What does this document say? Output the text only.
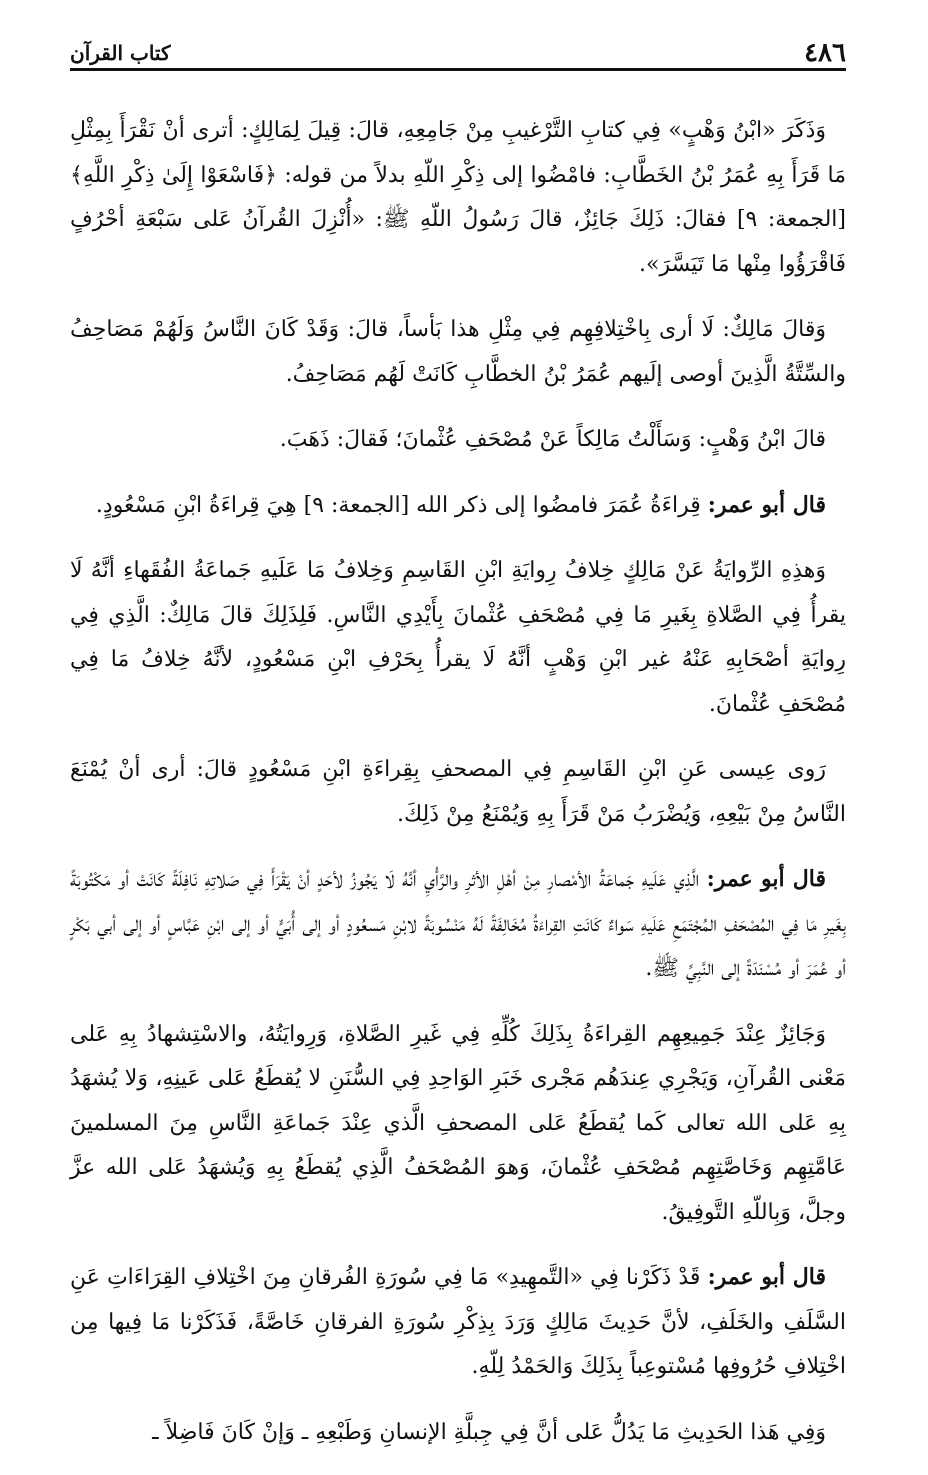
٤٨٦
كتاب القرآن

وَذَكَرَ «ابْنُ وَهْبٍ» فِي كتابِ التَّرْغيبِ مِنْ جَامِعِهِ، قالَ: قِيلَ لِمَالِكٍ: أترى أنْ نَقْرَأَ بِمِثْلِ مَا قَرَأَ بِهِ عُمَرُ بْنُ الخَطَّابِ: فامْضُوا إلى ذِكْرِ اللّهِ بدلاً من قوله: ﴿فَاسْعَوْا إِلَىٰ ذِكْرِ اللَّهِ﴾ [الجمعة: ٩] فقالَ: ذَلِكَ جَائِزٌ، قالَ رَسُولُ اللّهِ ﷺ: «أُنْزِلَ القُرآنُ عَلى سَبْعَةِ أحْرُفٍ فَاقْرَؤُوا مِنْها مَا تَيَسَّرَ».

وَقالَ مَالِكٌ: لَا أرى بِاخْتِلافِهِم فِي مِثْلِ هذا بَأساً، قالَ: وَقَدْ كَانَ النَّاسُ وَلَهُمْ مَصَاحِفُ والسِّتَّةُ الَّذِينَ أوصى إلَيهم عُمَرُ بْنُ الخطَّابِ كَانَتْ لَهُم مَصَاحِفُ.

قالَ ابْنُ وَهْبٍ: وَسَأَلْتُ مَالِكاً عَنْ مُصْحَفِ عُثْمانَ؛ فَقالَ: ذَهَبَ.

قال أبو عمر: قِراءَةُ عُمَرَ فامضُوا إلى ذكر الله [الجمعة: ٩] هِيَ قِراءَةُ ابْنِ مَسْعُودٍ.

وَهذِهِ الرِّوايَةُ عَنْ مَالِكٍ خِلافُ رِوايَةِ ابْنِ القَاسِمِ وَخِلافُ مَا عَلَيهِ جَماعَةُ الفُقَهاءِ أنَّهُ لَا يقرأُ فِي الصَّلاةِ بِغَيرِ مَا فِي مُصْحَفِ عُثْمانَ بِأَيْدِي النَّاسِ. فَلِذَلِكَ قالَ مَالِكٌ: الَّذِي فِي رِوايَةِ أصْحَابِهِ عَنْهُ غير ابْنِ وَهْبٍ أنَّهُ لَا يقرأُ بِحَرْفِ ابْنِ مَسْعُودٍ، لأنَّهُ خِلافُ مَا فِي مُصْحَفِ عُثْمانَ.

رَوى عِيسى عَنِ ابْنِ القَاسِمِ فِي المصحفِ بِقِراءَةِ ابْنِ مَسْعُودٍ قالَ: أرى أنْ يُمْنَعَ النَّاسُ مِنْ بَيْعِهِ، وَيُضْرَبُ مَنْ قَرَأَ بِهِ وَيُمْنَعُ مِنْ ذَلِكَ.

قال أبو عمر: الَّذِي عَلَيهِ جَماعَةُ الأمْصارِ مِنْ أهْلِ الأثرِ والرَّأْيِ أنَّهُ لَا يَجُوزُ لأحَدٍ أنْ يَقْرَأَ فِي صَلاتِهِ نَافِلَةً كَانَتْ أو مَكْتُوبَةً بِغَيرِ مَا فِي المُصْحَفِ المُجْتَمَعِ عَلَيهِ سَواءٌ كَانَتِ القِراءَةُ مُخَالِفَةً لَهُ مَنْسُوبَةً لابْنِ مَسعُودٍ أو إلى أُبَيٍّ أو إلى ابْنِ عَبَّاسٍ أو إلى أبي بَكْرٍ أو عُمَرَ أو مُسْنَدَةً إلى النَّبِيِّ ﷺ.

وَجَائِزٌ عِنْدَ جَمِيعِهِم القِراءَةُ بِذَلِكَ كُلِّهِ فِي غَيرِ الصَّلاةِ، وَرِوايَتُهُ، والاسْتِشهادُ بِهِ عَلى مَعْنى القُرآنِ، وَيَجْرِي عِندَهُم مَجْرى خَبَرِ الوَاحِدِ فِي السُّنَنِ لا يُقطَعُ عَلى عَينِهِ، وَلا يُشهَدُ بِهِ عَلى الله تعالى كَما يُقطَعُ عَلى المصحفِ الَّذي عِنْدَ جَماعَةِ النَّاسِ مِنَ المسلمينَ عَامَّتِهِم وَخَاصَّتِهِم مُصْحَفِ عُثْمانَ، وَهوَ المُصْحَفُ الَّذِي يُقطَعُ بِهِ وَيُشهَدُ عَلى الله عزَّ وجلَّ، وَبِاللّهِ التَّوفِيقُ.

قال أبو عمر: قَدْ ذَكَرْنا فِي «التَّمهِيدِ» مَا فِي سُورَةِ الفُرقانِ مِنَ اخْتِلافِ القِرَاءَاتِ عَنِ السَّلَفِ والخَلَفِ، لأنَّ حَدِيثَ مَالِكٍ وَرَدَ بِذِكْرِ سُورَةِ الفرقانِ خَاصَّةً، فَذَكَرْنا مَا فِيها مِن اخْتِلافِ حُرُوفِها مُسْتوعِباً بِذَلِكَ وَالحَمْدُ لِلّهِ.

وَفِي هَذا الحَدِيثِ مَا يَدُلُّ عَلى أنَّ فِي جِبلَّةِ الإنسانِ وَطَبْعِهِ ـ وَإنْ كَانَ فَاضِلاً ـ
